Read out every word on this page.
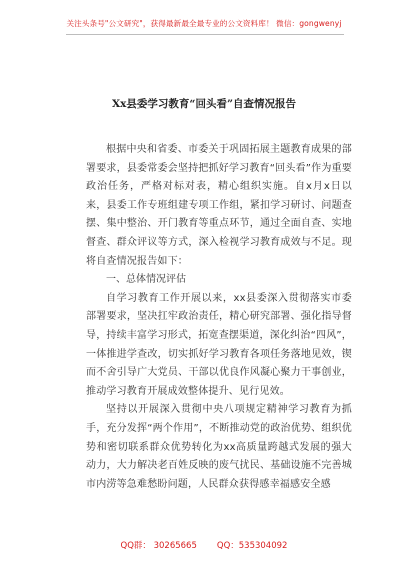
关注头条号"公文研究"，获得最新最全最专业的公文资料库！ 微信：gongwenyj
Xx县委学习教育“回头看”自查情况报告

根据中央和省委、市委关于巩固拓展主题教育成果的部署要求，县委常委会坚持把抓好学习教育“回头看”作为重要政治任务，严格对标对表，精心组织实施。自x月x日以来，县委工作专班组建专项工作组，紧扣学习研讨、问题查摆、集中整治、开门教育等重点环节，通过全面自查、实地督查、群众评议等方式，深入检视学习教育成效与不足。现将自查情况报告如下：

一、总体情况评估

自学习教育工作开展以来，xx县委深入贯彻落实市委部署要求，坚决扛牢政治责任，精心研究部署、强化指导督导，持续丰富学习形式，拓宽查摆渠道，深化纠治“四风”，一体推进学查改，切实抓好学习教育各项任务落地见效，锲而不舍引导广大党员、干部以优良作风凝心聚力干事创业，推动学习教育开展成效整体提升、见行见效。

坚持以开展深入贯彻中央八项规定精神学习教育为抓手，充分发挥“两个作用”，不断推动党的政治优势、组织优势和密切联系群众优势转化为xx高质量跨越式发展的强大动力，大力解决老百姓反映的废气扰民、基础设施不完善城市内涝等急难愁盼问题，人民群众获得感幸福感安全感

QQ群： 30265665 QQ：535304092
